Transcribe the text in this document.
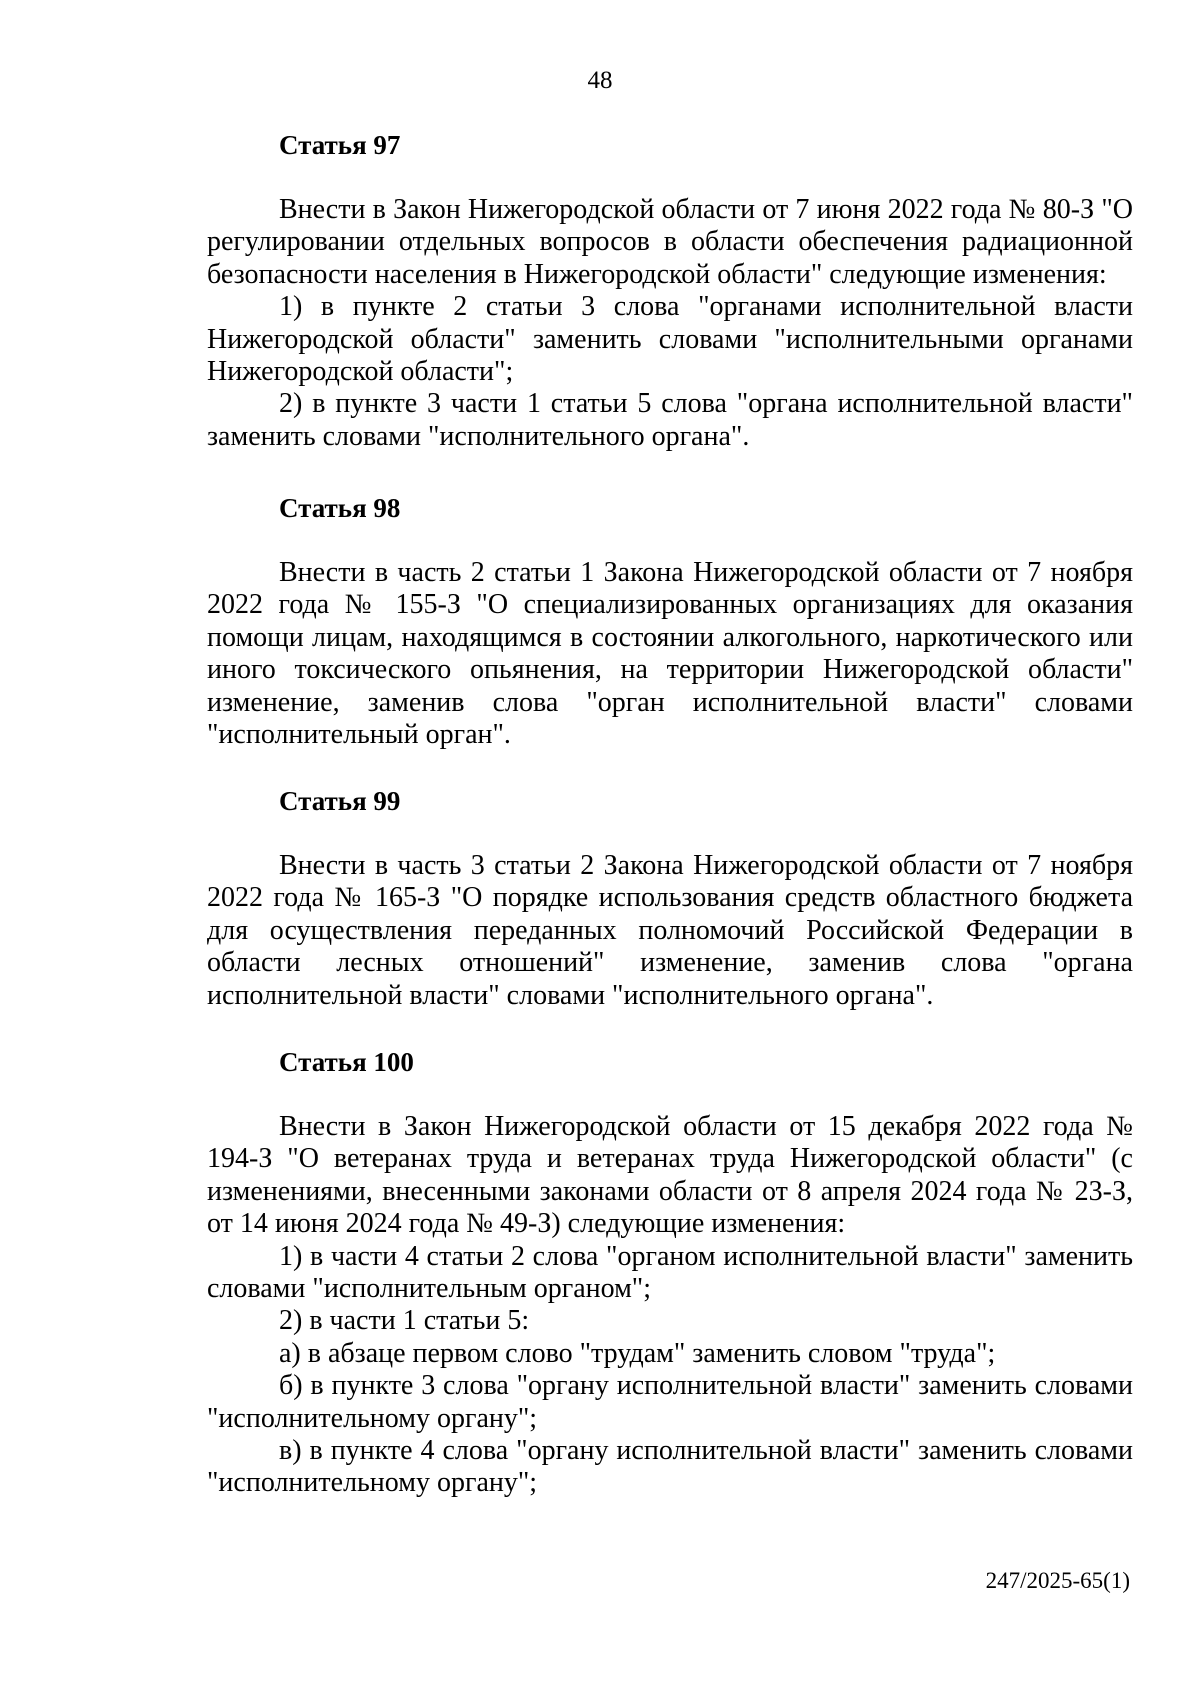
48
Статья 97

Внести в Закон Нижегородской области от 7 июня 2022 года № 80-З "О регулировании отдельных вопросов в области обеспечения радиационной безопасности населения в Нижегородской области" следующие изменения:

1) в пункте 2 статьи 3 слова "органами исполнительной власти Нижегородской области" заменить словами "исполнительными органами Нижегородской области";

2) в пункте 3 части 1 статьи 5 слова "органа исполнительной власти" заменить словами "исполнительного органа".

Статья 98

Внести в часть 2 статьи 1 Закона Нижегородской области от 7 ноября 2022 года № 155-З "О специализированных организациях для оказания помощи лицам, находящимся в состоянии алкогольного, наркотического или иного токсического опьянения, на территории Нижегородской области" изменение, заменив слова "орган исполнительной власти" словами "исполнительный орган".

Статья 99

Внести в часть 3 статьи 2 Закона Нижегородской области от 7 ноября 2022 года № 165-З "О порядке использования средств областного бюджета для осуществления переданных полномочий Российской Федерации в области лесных отношений" изменение, заменив слова "органа исполнительной власти" словами "исполнительного органа".

Статья 100

Внести в Закон Нижегородской области от 15 декабря 2022 года № 194-З "О ветеранах труда и ветеранах труда Нижегородской области" (с изменениями, внесенными законами области от 8 апреля 2024 года № 23-З, от 14 июня 2024 года № 49-З) следующие изменения:

1) в части 4 статьи 2 слова "органом исполнительной власти" заменить словами "исполнительным органом";

2) в части 1 статьи 5:

а) в абзаце первом слово "трудам" заменить словом "труда";

б) в пункте 3 слова "органу исполнительной власти" заменить словами "исполнительному органу";

в) в пункте 4 слова "органу исполнительной власти" заменить словами "исполнительному органу";

247/2025-65(1)
